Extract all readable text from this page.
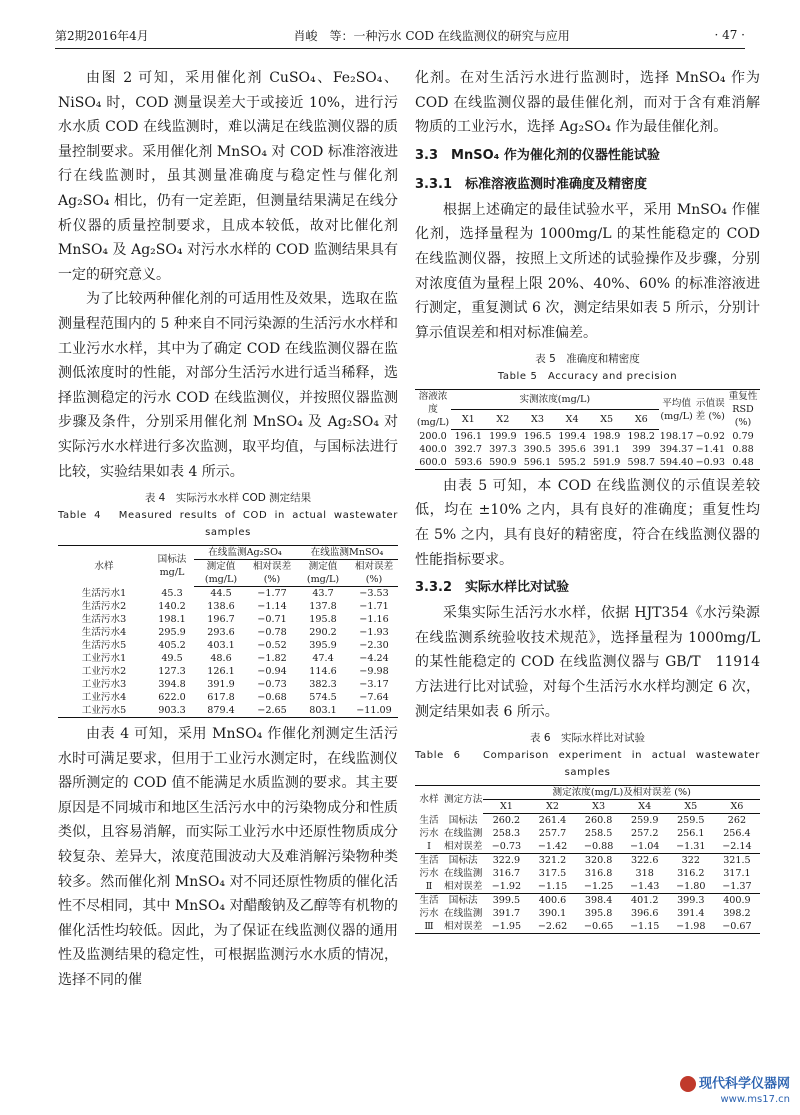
第2期2016年4月	肖峻　等：一种污水 COD 在线监测仪的研究与应用	· 47 ·

由图 2 可知，采用催化剂 CuSO₄、Fe₂SO₄、NiSO₄ 时，COD 测量误差大于或接近 10%，进行污水水质 COD 在线监测时，难以满足在线监测仪器的质量控制要求。采用催化剂 MnSO₄ 对 COD 标准溶液进行在线监测时，虽其测量准确度与稳定性与催化剂 Ag₂SO₄ 相比，仍有一定差距，但测量结果满足在线分析仪器的质量控制要求，且成本较低，故对比催化剂 MnSO₄ 及 Ag₂SO₄ 对污水水样的 COD 监测结果具有一定的研究意义。

为了比较两种催化剂的可适用性及效果，选取在监测量程范围内的 5 种来自不同污染源的生活污水水样和工业污水水样，其中为了确定 COD 在线监测仪器在监测低浓度时的性能，对部分生活污水进行适当稀释，选择监测稳定的污水 COD 在线监测仪，并按照仪器监测步骤及条件，分别采用催化剂 MnSO₄ 及 Ag₂SO₄ 对实际污水水样进行多次监测，取平均值，与国标法进行比较，实验结果如表 4 所示。

表 4　实际污水水样 COD 测定结果
Table 4　Measured results of COD in actual wastewater samples
水样	国标法 mg/L	在线监测Ag₂SO₄		在线监测MnSO₄	
		测定值 (mg/L)	相对误差 (%)	测定值 (mg/L)	相对误差 (%)
生活污水1	45.3	44.5	−1.77	43.7	−3.53
生活污水2	140.2	138.6	−1.14	137.8	−1.71
生活污水3	198.1	196.7	−0.71	195.8	−1.16
生活污水4	295.9	293.6	−0.78	290.2	−1.93
生活污水5	405.2	403.1	−0.52	395.9	−2.30
工业污水1	49.5	48.6	−1.82	47.4	−4.24
工业污水2	127.3	126.1	−0.94	114.6	−9.98
工业污水3	394.8	391.9	−0.73	382.3	−3.17
工业污水4	622.0	617.8	−0.68	574.5	−7.64
工业污水5	903.3	879.4	−2.65	803.1	−11.09

由表 4 可知，采用 MnSO₄ 作催化剂测定生活污水时可满足要求，但用于工业污水测定时，在线监测仪器所测定的 COD 值不能满足水质监测的要求。其主要原因是不同城市和地区生活污水中的污染物成分和性质类似，且容易消解，而实际工业污水中还原性物质成分较复杂、差异大，浓度范围波动大及难消解污染物种类较多。然而催化剂 MnSO₄ 对不同还原性物质的催化活性不尽相同，其中 MnSO₄ 对醋酸钠及乙醇等有机物的催化活性均较低。因此，为了保证在线监测仪器的通用性及监测结果的稳定性，可根据监测污水水质的情况，选择不同的催

化剂。在对生活污水进行监测时，选择 MnSO₄ 作为 COD 在线监测仪器的最佳催化剂，而对于含有难消解物质的工业污水，选择 Ag₂SO₄ 作为最佳催化剂。

3.3　MnSO₄ 作为催化剂的仪器性能试验
3.3.1　标准溶液监测时准确度及精密度

根据上述确定的最佳试验水平，采用 MnSO₄ 作催化剂，选择量程为 1000mg/L 的某性能稳定的 COD 在线监测仪器，按照上文所述的试验操作及步骤，分别对浓度值为量程上限 20%、40%、60% 的标准溶液进行测定，重复测试 6 次，测定结果如表 5 所示，分别计算示值误差和相对标准偏差。

表 5　准确度和精密度
Table 5　Accuracy and precision
溶液浓度 (mg/L)	实测浓度(mg/L)						平均值 (mg/L)	示值误差 (%)	重复性 RSD (%)
	X1	X2	X3	X4	X5	X6			
200.0	196.1	199.9	196.5	199.4	198.9	198.2	198.17	−0.92	0.79
400.0	392.7	397.3	390.5	395.6	391.1	399	394.37	−1.41	0.88
600.0	593.6	590.9	596.1	595.2	591.9	598.7	594.40	−0.93	0.48

由表 5 可知，本 COD 在线监测仪的示值误差较低，均在 ±10% 之内，具有良好的准确度；重复性均在 5% 之内，具有良好的精密度，符合在线监测仪器的性能指标要求。

3.3.2　实际水样比对试验

采集实际生活污水水样，依据 HJT354《水污染源在线监测系统验收技术规范》，选择量程为 1000mg/L 的某性能稳定的 COD 在线监测仪器与 GB/T　11914 方法进行比对试验，对每个生活污水水样均测定 6 次，测定结果如表 6 所示。

表 6　实际水样比对试验
Table 6　Comparison experiment in actual wastewater samples
水样	测定方法	测定浓度(mg/L)及相对误差 (%)					
		X1	X2	X3	X4	X5	X6
生活污水 Ⅰ	国标法	260.2	261.4	260.8	259.9	259.5	262
	在线监测	258.3	257.7	258.5	257.2	256.1	256.4
	相对误差	−0.73	−1.42	−0.88	−1.04	−1.31	−2.14
生活污水 Ⅱ	国标法	322.9	321.2	320.8	322.6	322	321.5
	在线监测	316.7	317.5	316.8	318	316.2	317.1
	相对误差	−1.92	−1.15	−1.25	−1.43	−1.80	−1.37
生活污水 Ⅲ	国标法	399.5	400.6	398.4	401.2	399.3	400.9
	在线监测	391.7	390.1	395.8	396.6	391.4	398.2
	相对误差	−1.95	−2.62	−0.65	−1.15	−1.98	−0.67
现代科学仪器网
www.ms17.cn
